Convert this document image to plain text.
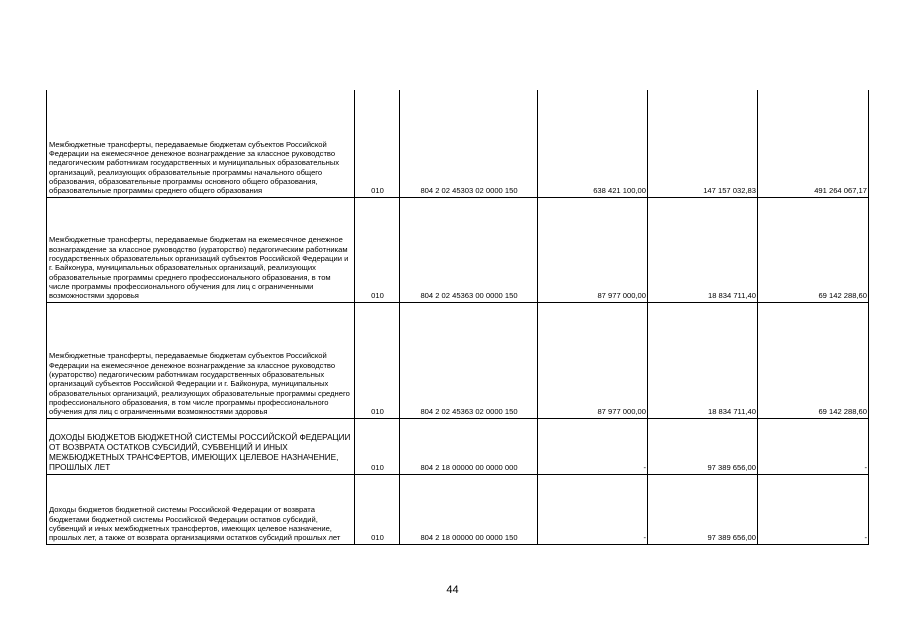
Межбюджетные трансферты, передаваемые бюджетам субъектов Российской Федерации на ежемесячное денежное вознаграждение за классное руководство педагогическим работникам государственных и муниципальных образовательных организаций, реализующих образовательные программы начального общего образования, образовательные программы основного общего образования, образовательные программы среднего общего образования	010	804 2 02 45303 02 0000 150	638 421 100,00	147 157 032,83	491 264 067,17
Межбюджетные трансферты, передаваемые бюджетам на ежемесячное денежное вознаграждение за классное руководство (кураторство) педагогическим работникам государственных образовательных организаций субъектов Российской Федерации и г. Байконура, муниципальных образовательных организаций, реализующих образовательные программы среднего профессионального образования, в том числе программы профессионального обучения для лиц с ограниченными возможностями здоровья	010	804 2 02 45363 00 0000 150	87 977 000,00	18 834 711,40	69 142 288,60
Межбюджетные трансферты, передаваемые бюджетам субъектов Российской Федерации на ежемесячное денежное вознаграждение за классное руководство (кураторство) педагогическим работникам государственных образовательных организаций субъектов Российской Федерации и г. Байконура, муниципальных образовательных организаций, реализующих образовательные программы среднего профессионального образования, в том числе программы профессионального обучения для лиц с ограниченными возможностями здоровья	010	804 2 02 45363 02 0000 150	87 977 000,00	18 834 711,40	69 142 288,60
ДОХОДЫ БЮДЖЕТОВ БЮДЖЕТНОЙ СИСТЕМЫ РОССИЙСКОЙ ФЕДЕРАЦИИ ОТ ВОЗВРАТА ОСТАТКОВ СУБСИДИЙ, СУБВЕНЦИЙ И ИНЫХ МЕЖБЮДЖЕТНЫХ ТРАНСФЕРТОВ, ИМЕЮЩИХ ЦЕЛЕВОЕ НАЗНАЧЕНИЕ, ПРОШЛЫХ ЛЕТ	010	804 2 18 00000 00 0000 000	-	97 389 656,00	-
Доходы бюджетов бюджетной системы Российской Федерации от возврата бюджетами бюджетной системы Российской Федерации остатков субсидий, субвенций и иных межбюджетных трансфертов, имеющих целевое назначение, прошлых лет, а также от возврата организациями остатков субсидий прошлых лет	010	804 2 18 00000 00 0000 150	-	97 389 656,00	-
44
